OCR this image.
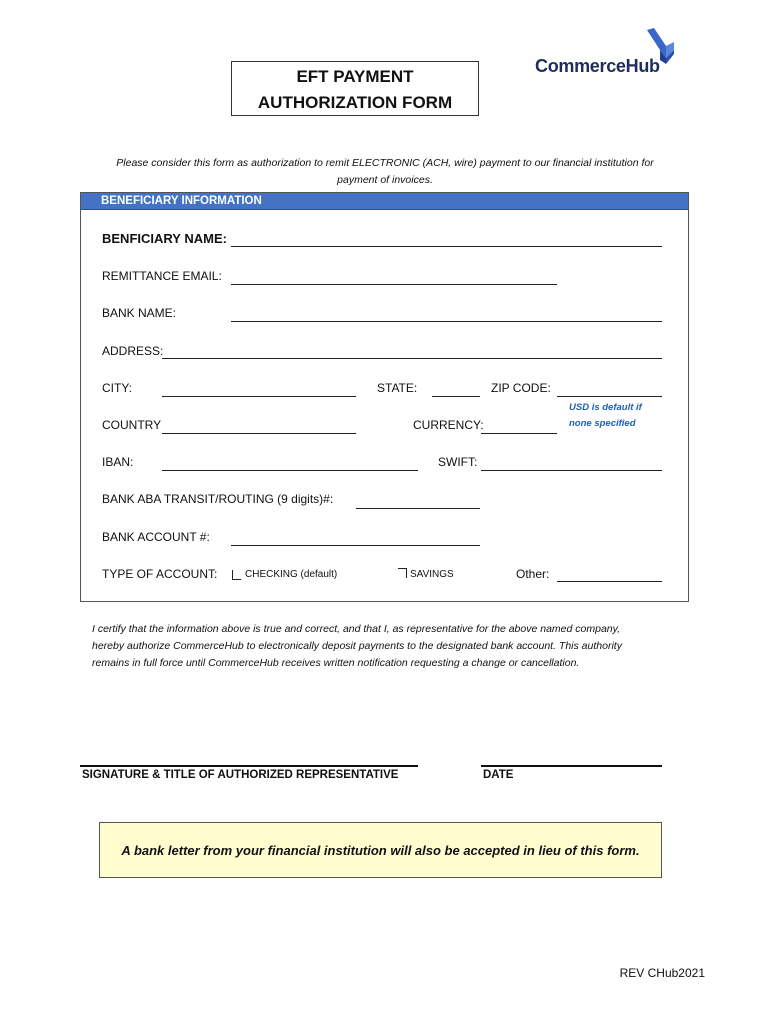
EFT PAYMENT
AUTHORIZATION FORM
CommerceHub
Please consider this form as authorization to remit ELECTRONIC (ACH, wire) payment to our financial institution for
payment of invoices.
BENEFICIARY INFORMATION
BENFICIARY NAME:
REMITTANCE EMAIL:
BANK NAME:
ADDRESS:
CITY:	STATE:	ZIP CODE:
COUNTRY	CURRENCY:
USD is default if
none specified
IBAN:	SWIFT:
BANK ABA TRANSIT/ROUTING (9 digits)#:
BANK ACCOUNT #:
TYPE OF ACCOUNT:	CHECKING (default)	SAVINGS	Other:
I certify that the information above is true and correct, and that I, as representative for the above named company,
hereby authorize CommerceHub to electronically deposit payments to the designated bank account. This authority
remains in full force until CommerceHub receives written notification requesting a change or cancellation.
SIGNATURE & TITLE OF AUTHORIZED REPRESENTATIVE	DATE
A bank letter from your financial institution will also be accepted in lieu of this form.
REV CHub2021
